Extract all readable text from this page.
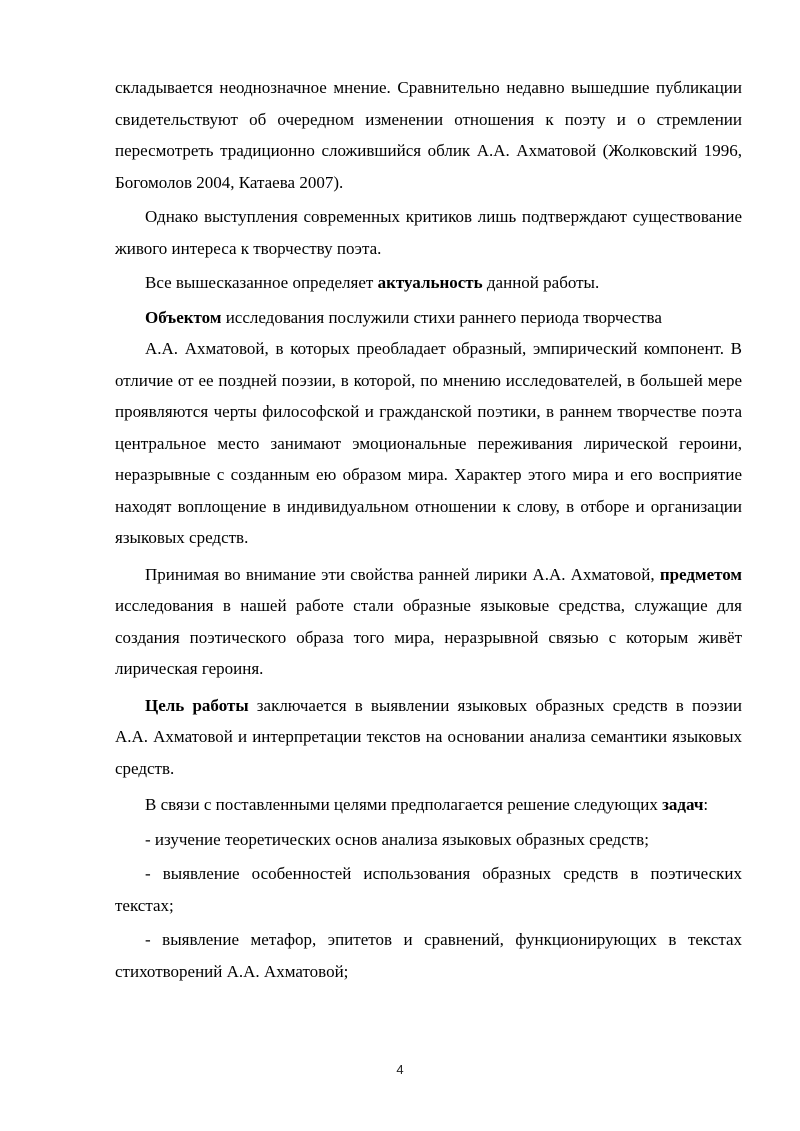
складывается неоднозначное мнение. Сравнительно недавно вышедшие публикации свидетельствуют об очередном изменении отношения к поэту и о стремлении пересмотреть традиционно сложившийся облик А.А. Ахматовой (Жолковский 1996, Богомолов 2004, Катаева 2007).

Однако выступления современных критиков лишь подтверждают существование живого интереса к творчеству поэта.

Все вышесказанное определяет актуальность данной работы.

Объектом исследования послужили стихи раннего периода творчества

А.А. Ахматовой, в которых преобладает образный, эмпирический компонент. В отличие от ее поздней поэзии, в которой, по мнению исследователей, в большей мере проявляются черты философской и гражданской поэтики, в раннем творчестве поэта центральное место занимают эмоциональные переживания лирической героини, неразрывные с созданным ею образом мира. Характер этого мира и его восприятие находят воплощение в индивидуальном отношении к слову, в отборе и организации языковых средств.

Принимая во внимание эти свойства ранней лирики А.А. Ахматовой, предметом исследования в нашей работе стали образные языковые средства, служащие для создания поэтического образа того мира, неразрывной связью с которым живёт лирическая героиня.

Цель работы заключается в выявлении языковых образных средств в поэзии А.А. Ахматовой и интерпретации текстов на основании анализа семантики языковых средств.

В связи с поставленными целями предполагается решение следующих задач:

- изучение теоретических основ анализа языковых образных средств;

- выявление особенностей использования образных средств в поэтических текстах;

- выявление метафор, эпитетов и сравнений, функционирующих в текстах стихотворений А.А. Ахматовой;

4
